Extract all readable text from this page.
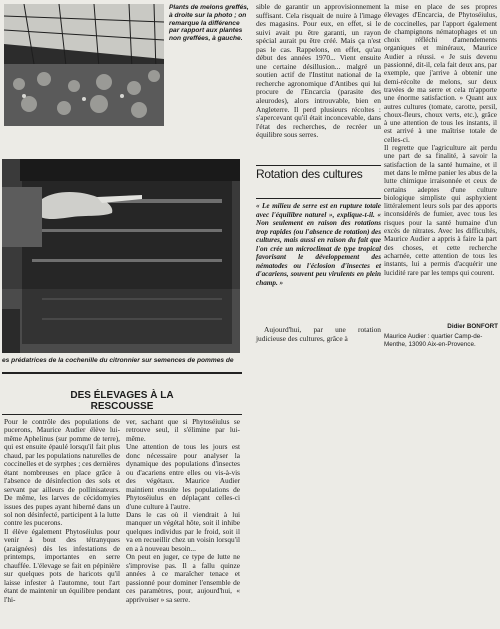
Plants de melons greffés, à droite sur la photo ; on remarque la différence par rapport aux plantes non greffées, à gauche.
es prédatrices de la cochenille du citronnier sur semences de pommes de
sible de garantir un approvisionnement suffisant. Cela risquait de nuire à l'image des magasins. Pour eux, en effet, si le suivi avait pu être garanti, un rayon spécial aurait pu être créé. Mais ça n'est pas le cas. Rappelons, en effet, qu'au début des années 1970... Vient ensuite une certaine désillusion... malgré un soutien actif de l'Institut national de la recherche agronomique d'Antibes qui lui procure de l'Encarcia (parasite des aleurodes), alors introuvable, bien en Angleterre. Il perd plusieurs récoltes : s'apercevant qu'il était inconcevable, dans l'état des recherches, de recréer un équilibre sous serres.
Rotation des cultures
« Le milieu de serre est en rupture totale avec l'équilibre naturel », explique-t-il. « Non seulement en raison des rotations trop rapides (ou l'absence de rotation) des cultures, mais aussi en raison du fait que l'on crée un microclimat de type tropical favorisant le développement des nématodes ou l'éclosion d'insectes et d'acariens, souvent peu virulents en plein champ. »
Aujourd'hui, par une rotation judicieuse des cultures, grâce à
la mise en place de ses propres élevages d'Encarcia, de Phytoséiulus, de coccinelles, par l'apport également de champignons nématophages et un choix réfléchi d'amendements organiques et minéraux, Maurice Audier a réussi. « Je suis devenu passionné, dit-il, cela fait deux ans, par exemple, que j'arrive à obtenir une demi-récolte de melons, sur deux travées de ma serre et cela m'apporte une énorme satisfaction. » Quant aux autres cultures (tomate, carotte, persil, choux-fleurs, choux verts, etc.), grâce à une attention de tous les instants, il est arrivé à une maîtrise totale de celles-ci.
Il regrette que l'agriculture ait perdu une part de sa finalité, à savoir la satisfaction de la santé humaine, et il met dans le même panier les abus de la lutte chimique irraisonnée et ceux de certains adeptes d'une culture biologique simpliste qui asphyxient littéralement leurs sols par des apports inconsidérés de fumier, avec tous les risques pour la santé humaine d'un excès de nitrates. Avec les difficultés, Maurice Audier a appris à faire la part des choses, et cette recherche acharnée, cette attention de tous les instants, lui a permis d'acquérir une lucidité rare par les temps qui courent.
Didier BONFORT
Maurice Audier : quartier Camp-de-Menthe, 13090 Aix-en-Provence.
DES ÉLEVAGES À LA
RESCOUSSE
Pour le contrôle des populations de pucerons, Maurice Audier élève lui-même Aphelinus (sur pomme de terre), qui est ensuite épaulé lorsqu'il fait plus chaud, par les populations naturelles de coccinelles et de syrphes ; ces dernières étant nombreuses en place grâce à l'absence de désinfection des sols et servant par ailleurs de pollinisateurs. De même, les larves de cécidomyies issues des pupes ayant hiberné dans un sol non désinfecté, participent à la lutte contre les pucerons.
Il élève également Phytoséiulus pour venir à bout des tétranyques (araignées) dès les infestations de printemps, importantes en serre chauffée. L'élevage se fait en pépinière sur quelques pots de haricots qu'il laisse infester à l'automne, tout l'art étant de maintenir un équilibre pendant l'hi-
ver, sachant que si Phytoséiulus se retrouve seul, il s'élimine par lui-même.
Une attention de tous les jours est donc nécessaire pour analyser la dynamique des populations d'insectes ou d'acariens entre elles ou vis-à-vis des végétaux. Maurice Audier maintient ensuite les populations de Phytoséiulus en déplaçant celles-ci d'une culture à l'autre.
Dans le cas où il viendrait à lui manquer un végétal hôte, soit il inhibe quelques individus par le froid, soit il va en recueillir chez un voisin lorsqu'il en a à nouveau besoin...
On peut en juger, ce type de lutte ne s'improvise pas. Il a fallu quinze années à ce maraîcher tenace et passionné pour dominer l'ensemble de ces paramètres, pour, aujourd'hui, « apprivoiser » sa serre.
